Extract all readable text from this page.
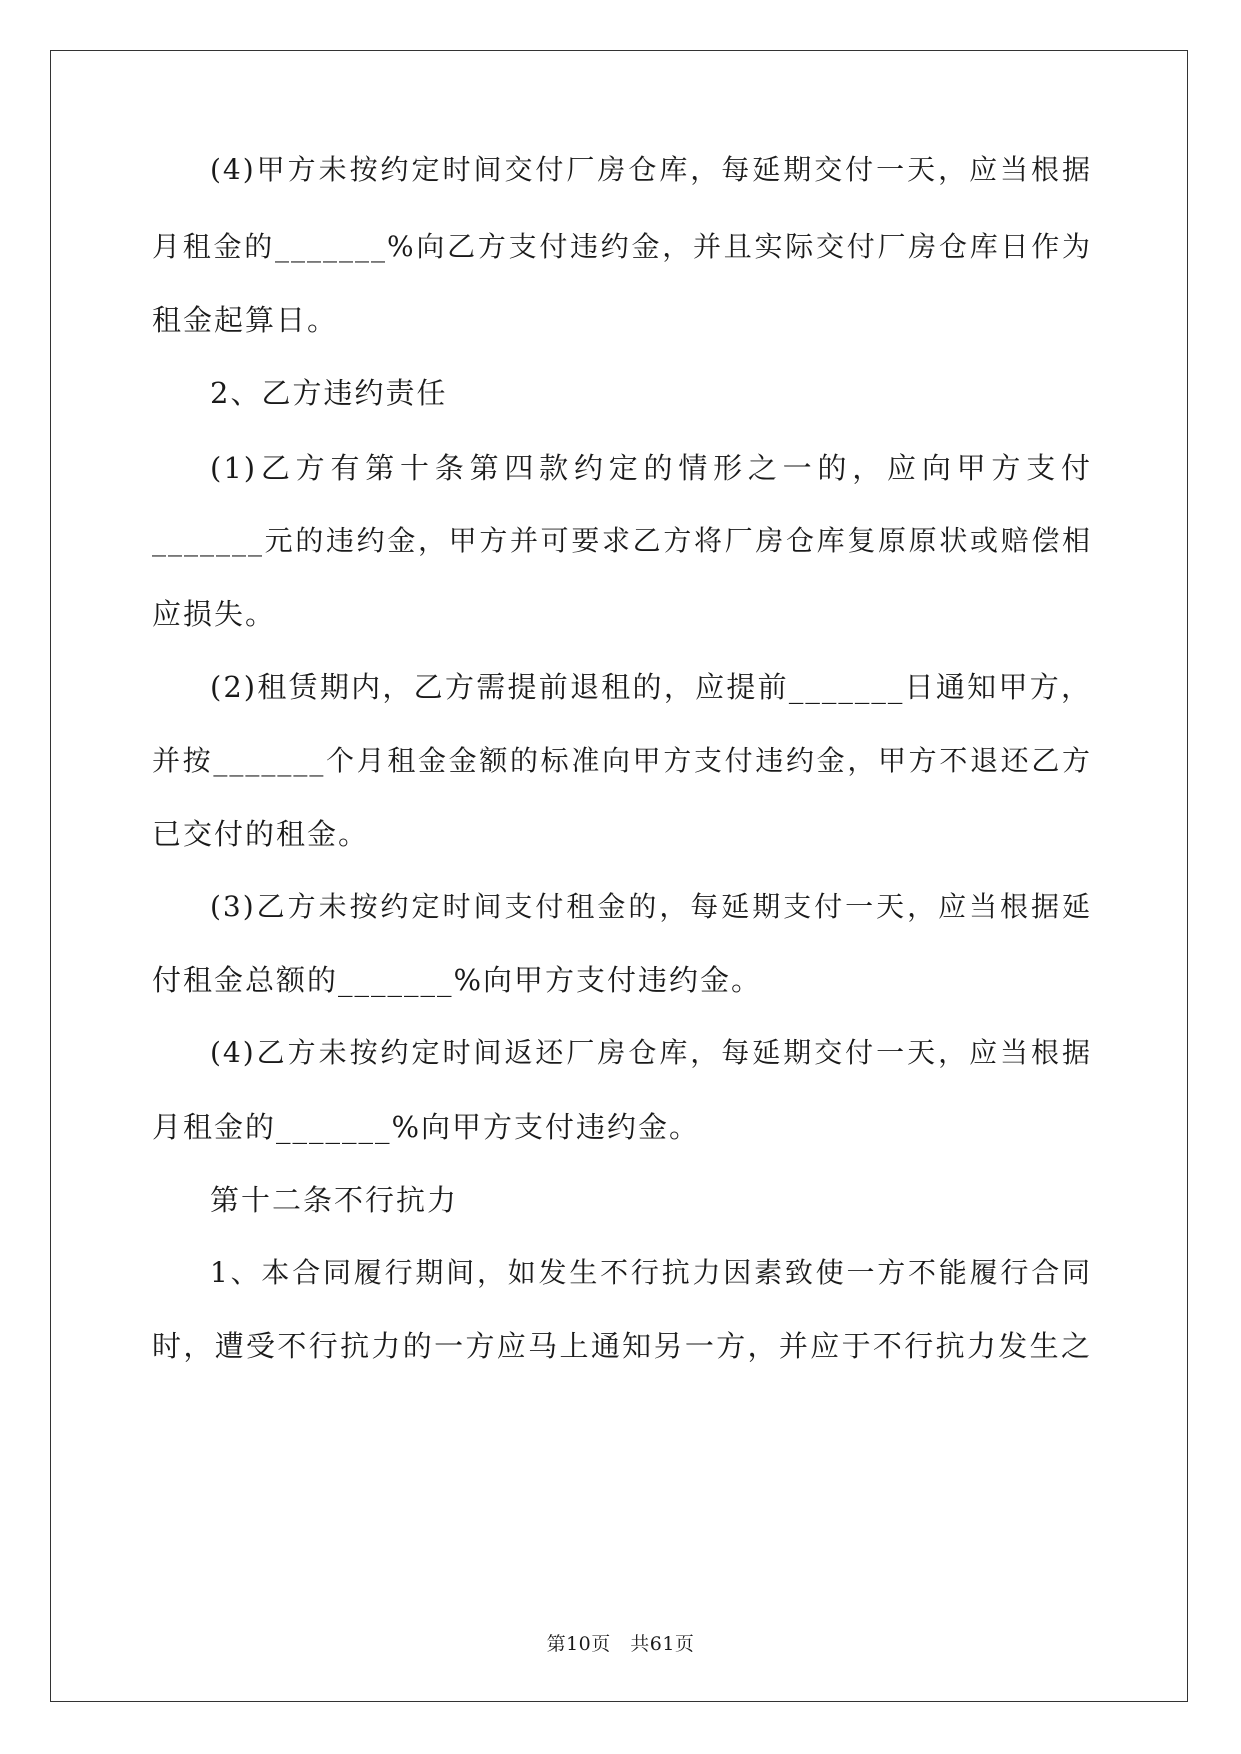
(4)甲方未按约定时间交付厂房仓库，每延期交付一天，应当根据
月租金的_______%向乙方支付违约金，并且实际交付厂房仓库日作为
租金起算日。
2、乙方违约责任
(1)乙方有第十条第四款约定的情形之一的，应向甲方支付
_______元的违约金，甲方并可要求乙方将厂房仓库复原原状或赔偿相
应损失。
(2)租赁期内，乙方需提前退租的，应提前_______日通知甲方，
并按_______个月租金金额的标准向甲方支付违约金，甲方不退还乙方
已交付的租金。
(3)乙方未按约定时间支付租金的，每延期支付一天，应当根据延
付租金总额的_______%向甲方支付违约金。
(4)乙方未按约定时间返还厂房仓库，每延期交付一天，应当根据
月租金的_______%向甲方支付违约金。
第十二条不行抗力
1、本合同履行期间，如发生不行抗力因素致使一方不能履行合同
时，遭受不行抗力的一方应马上通知另一方，并应于不行抗力发生之
第10页　共61页
